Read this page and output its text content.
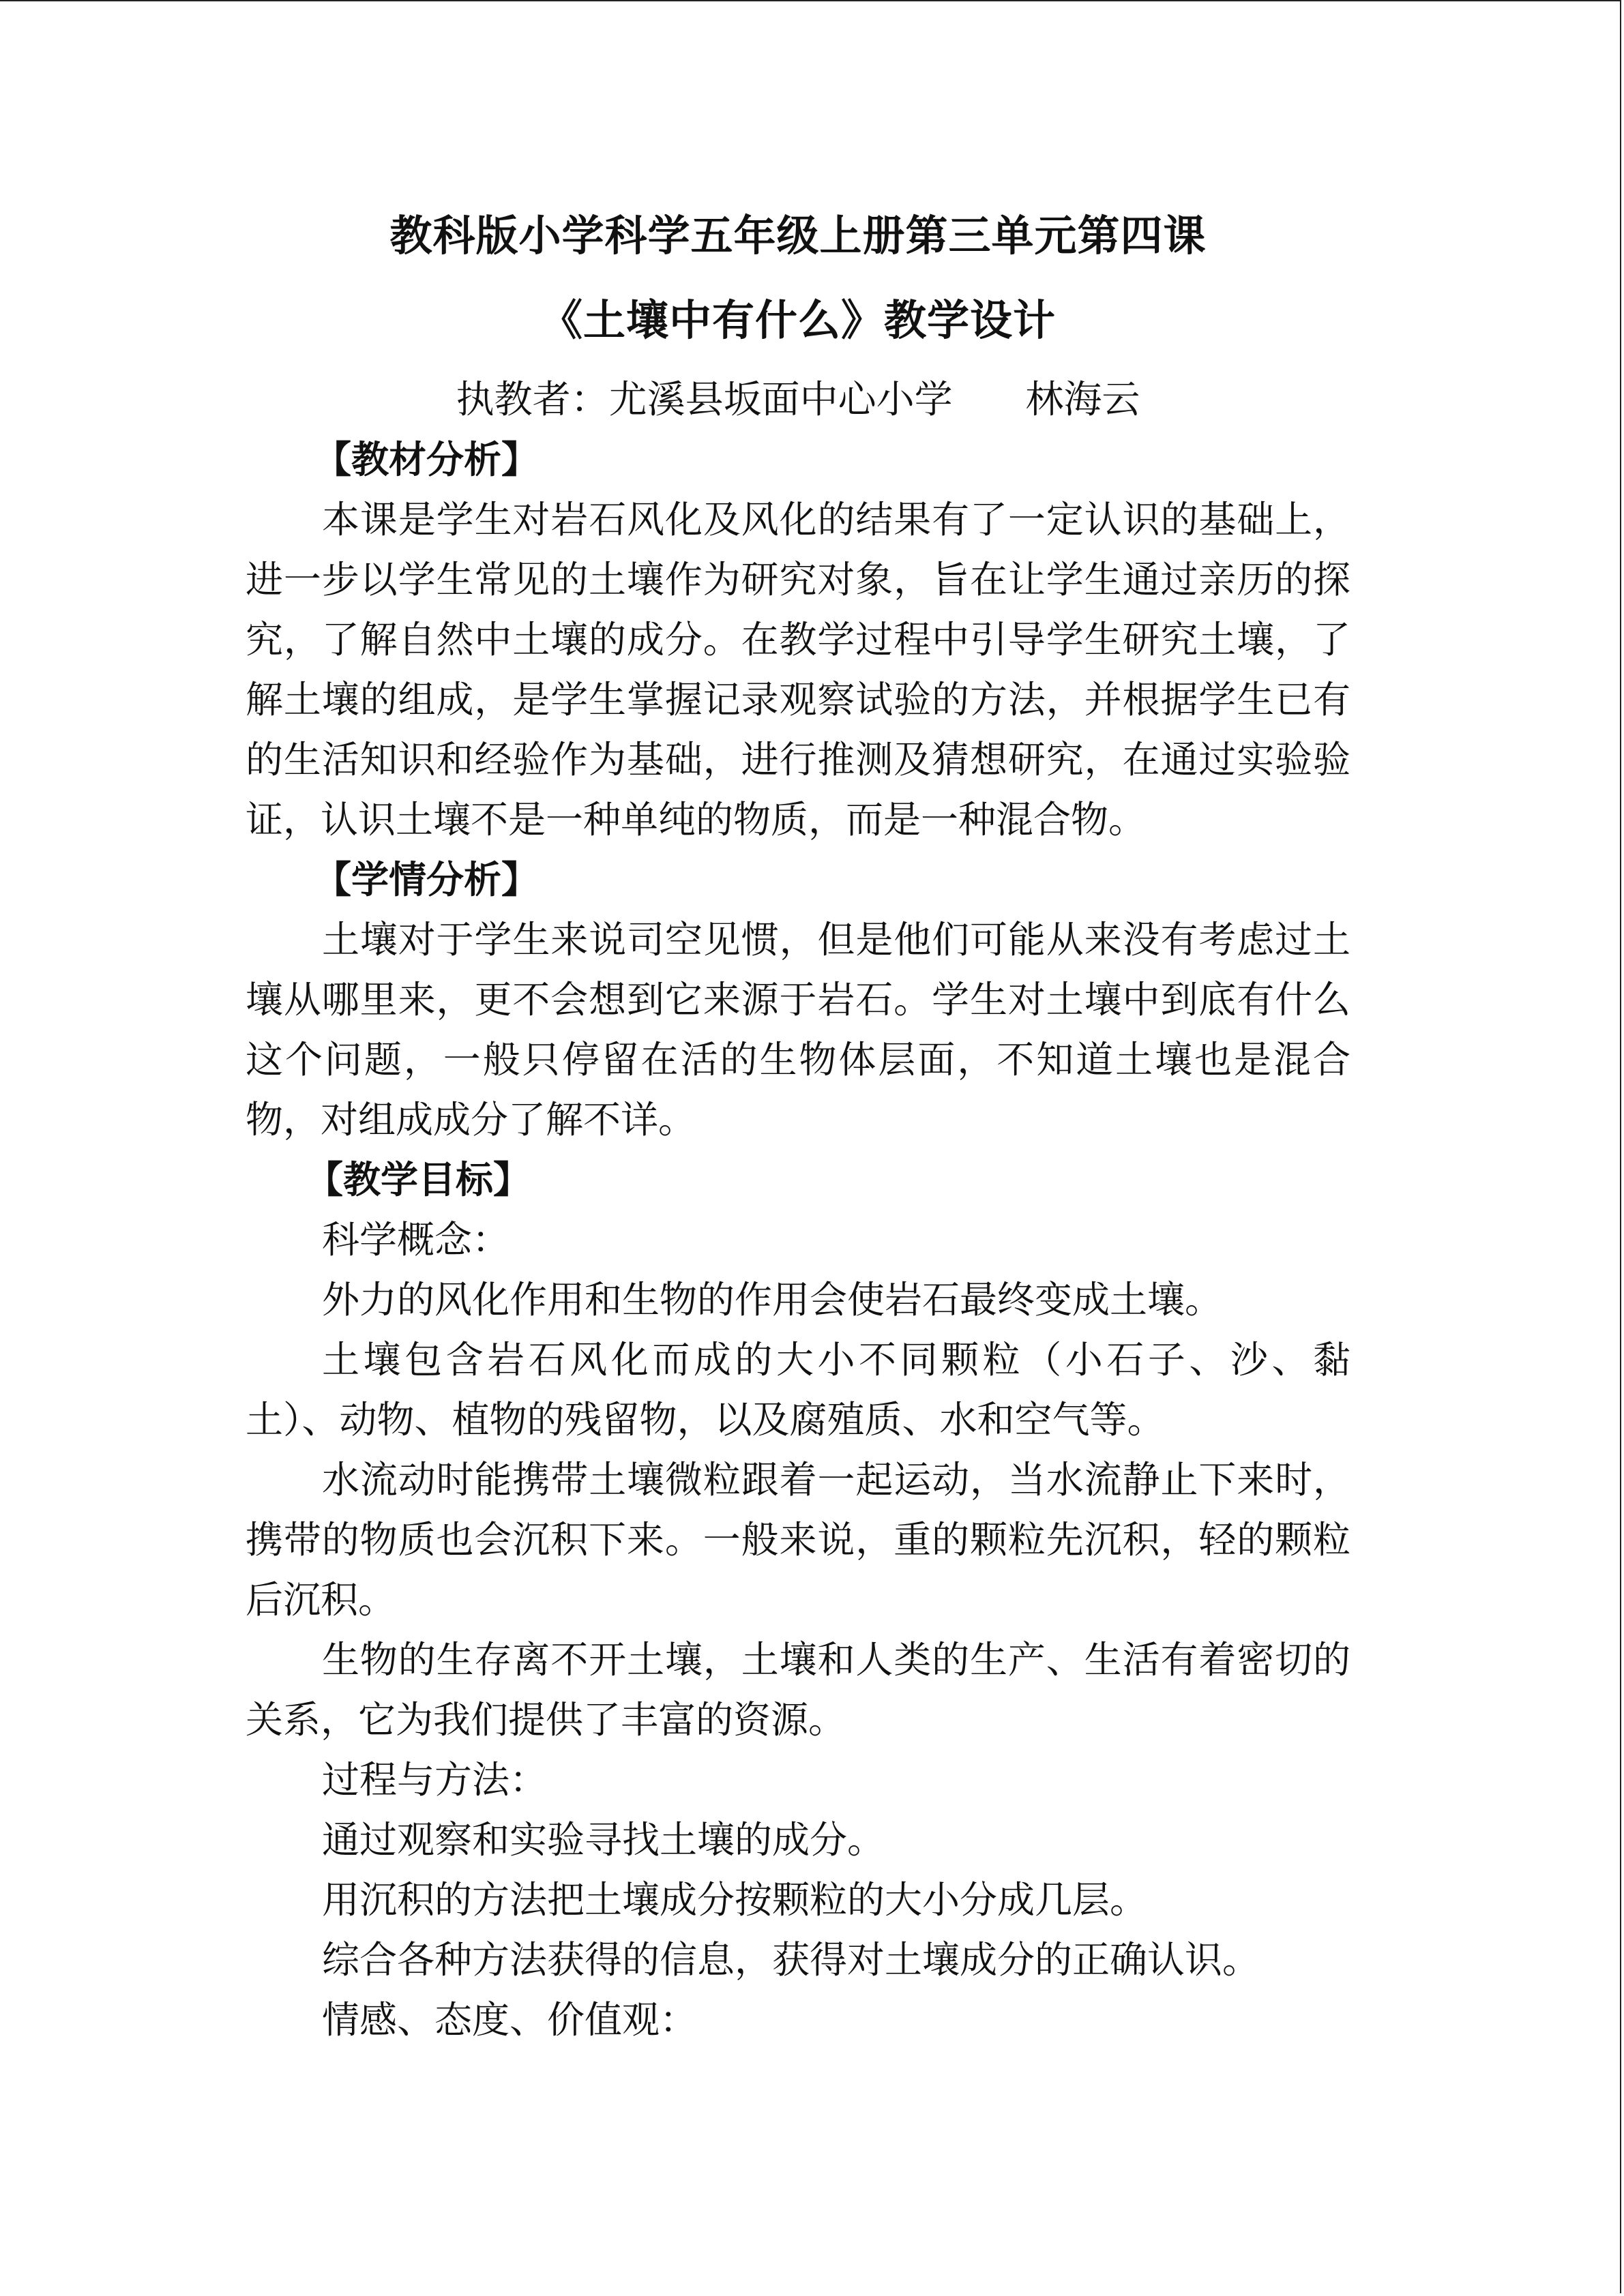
教科版小学科学五年级上册第三单元第四课
《土壤中有什么》教学设计
执教者：尤溪县坂面中心小学      林海云
【教材分析】

本课是学生对岩石风化及风化的结果有了一定认识的基础上，进一步以学生常见的土壤作为研究对象，旨在让学生通过亲历的探究，了解自然中土壤的成分。在教学过程中引导学生研究土壤，了解土壤的组成，是学生掌握记录观察试验的方法，并根据学生已有的生活知识和经验作为基础，进行推测及猜想研究，在通过实验验证，认识土壤不是一种单纯的物质，而是一种混合物。

【学情分析】

土壤对于学生来说司空见惯，但是他们可能从来没有考虑过土壤从哪里来，更不会想到它来源于岩石。学生对土壤中到底有什么这个问题，一般只停留在活的生物体层面，不知道土壤也是混合物，对组成成分了解不详。

【教学目标】

科学概念：

外力的风化作用和生物的作用会使岩石最终变成土壤。

土壤包含岩石风化而成的大小不同颗粒（小石子、沙、黏土）、动物、植物的残留物，以及腐殖质、水和空气等。

水流动时能携带土壤微粒跟着一起运动，当水流静止下来时，携带的物质也会沉积下来。一般来说，重的颗粒先沉积，轻的颗粒后沉积。

生物的生存离不开土壤，土壤和人类的生产、生活有着密切的关系，它为我们提供了丰富的资源。

过程与方法：

通过观察和实验寻找土壤的成分。

用沉积的方法把土壤成分按颗粒的大小分成几层。

综合各种方法获得的信息，获得对土壤成分的正确认识。

情感、态度、价值观：
